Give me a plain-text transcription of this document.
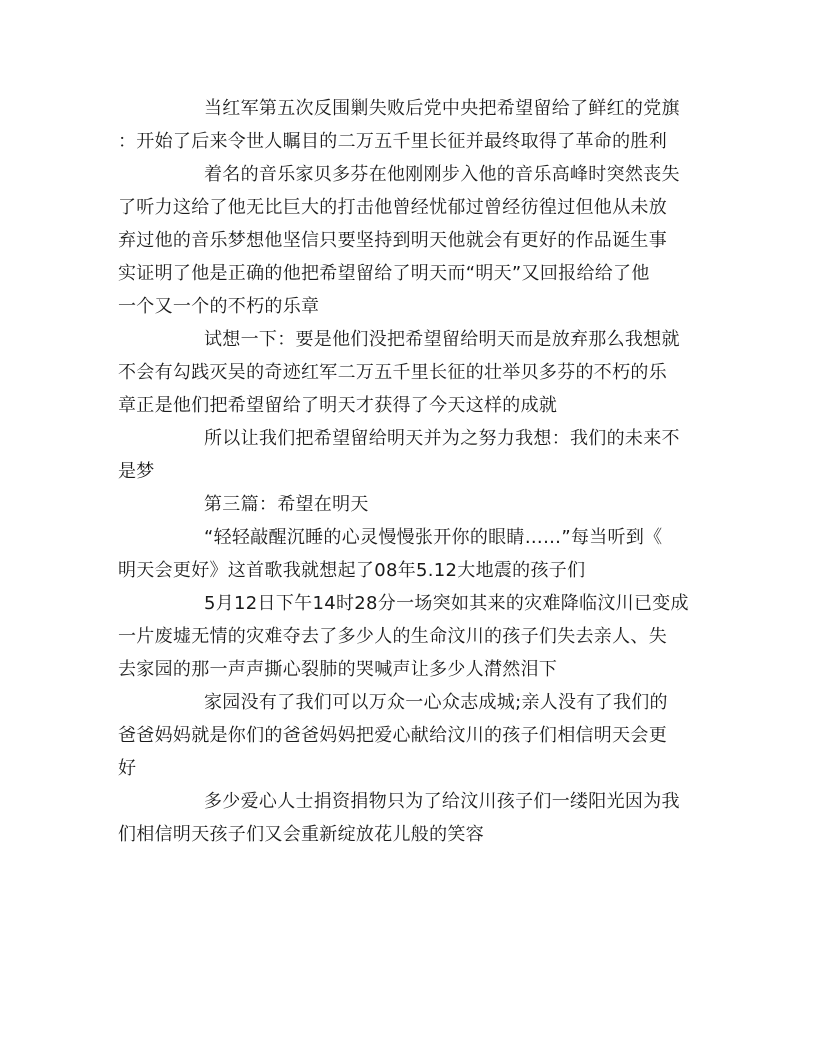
当红军第五次反围剿失败后党中央把希望留给了鲜红的党旗
：开始了后来令世人瞩目的二万五千里长征并最终取得了革命的胜利

着名的音乐家贝多芬在他刚刚步入他的音乐高峰时突然丧失
了听力这给了他无比巨大的打击他曾经忧郁过曾经彷徨过但他从未放
弃过他的音乐梦想他坚信只要坚持到明天他就会有更好的作品诞生事
实证明了他是正确的他把希望留给了明天而“明天”又回报给给了他
一个又一个的不朽的乐章

试想一下：要是他们没把希望留给明天而是放弃那么我想就
不会有勾践灭吴的奇迹红军二万五千里长征的壮举贝多芬的不朽的乐
章正是他们把希望留给了明天才获得了今天这样的成就

所以让我们把希望留给明天并为之努力我想：我们的未来不
是梦

第三篇：希望在明天

“轻轻敲醒沉睡的心灵慢慢张开你的眼睛……”每当听到《
明天会更好》这首歌我就想起了08年5.12大地震的孩子们

5月12日下午14时28分一场突如其来的灾难降临汶川已变成
一片废墟无情的灾难夺去了多少人的生命汶川的孩子们失去亲人、失
去家园的那一声声撕心裂肺的哭喊声让多少人潸然泪下

家园没有了我们可以万众一心众志成城;亲人没有了我们的
爸爸妈妈就是你们的爸爸妈妈把爱心献给汶川的孩子们相信明天会更
好

多少爱心人士捐资捐物只为了给汶川孩子们一缕阳光因为我
们相信明天孩子们又会重新绽放花儿般的笑容
